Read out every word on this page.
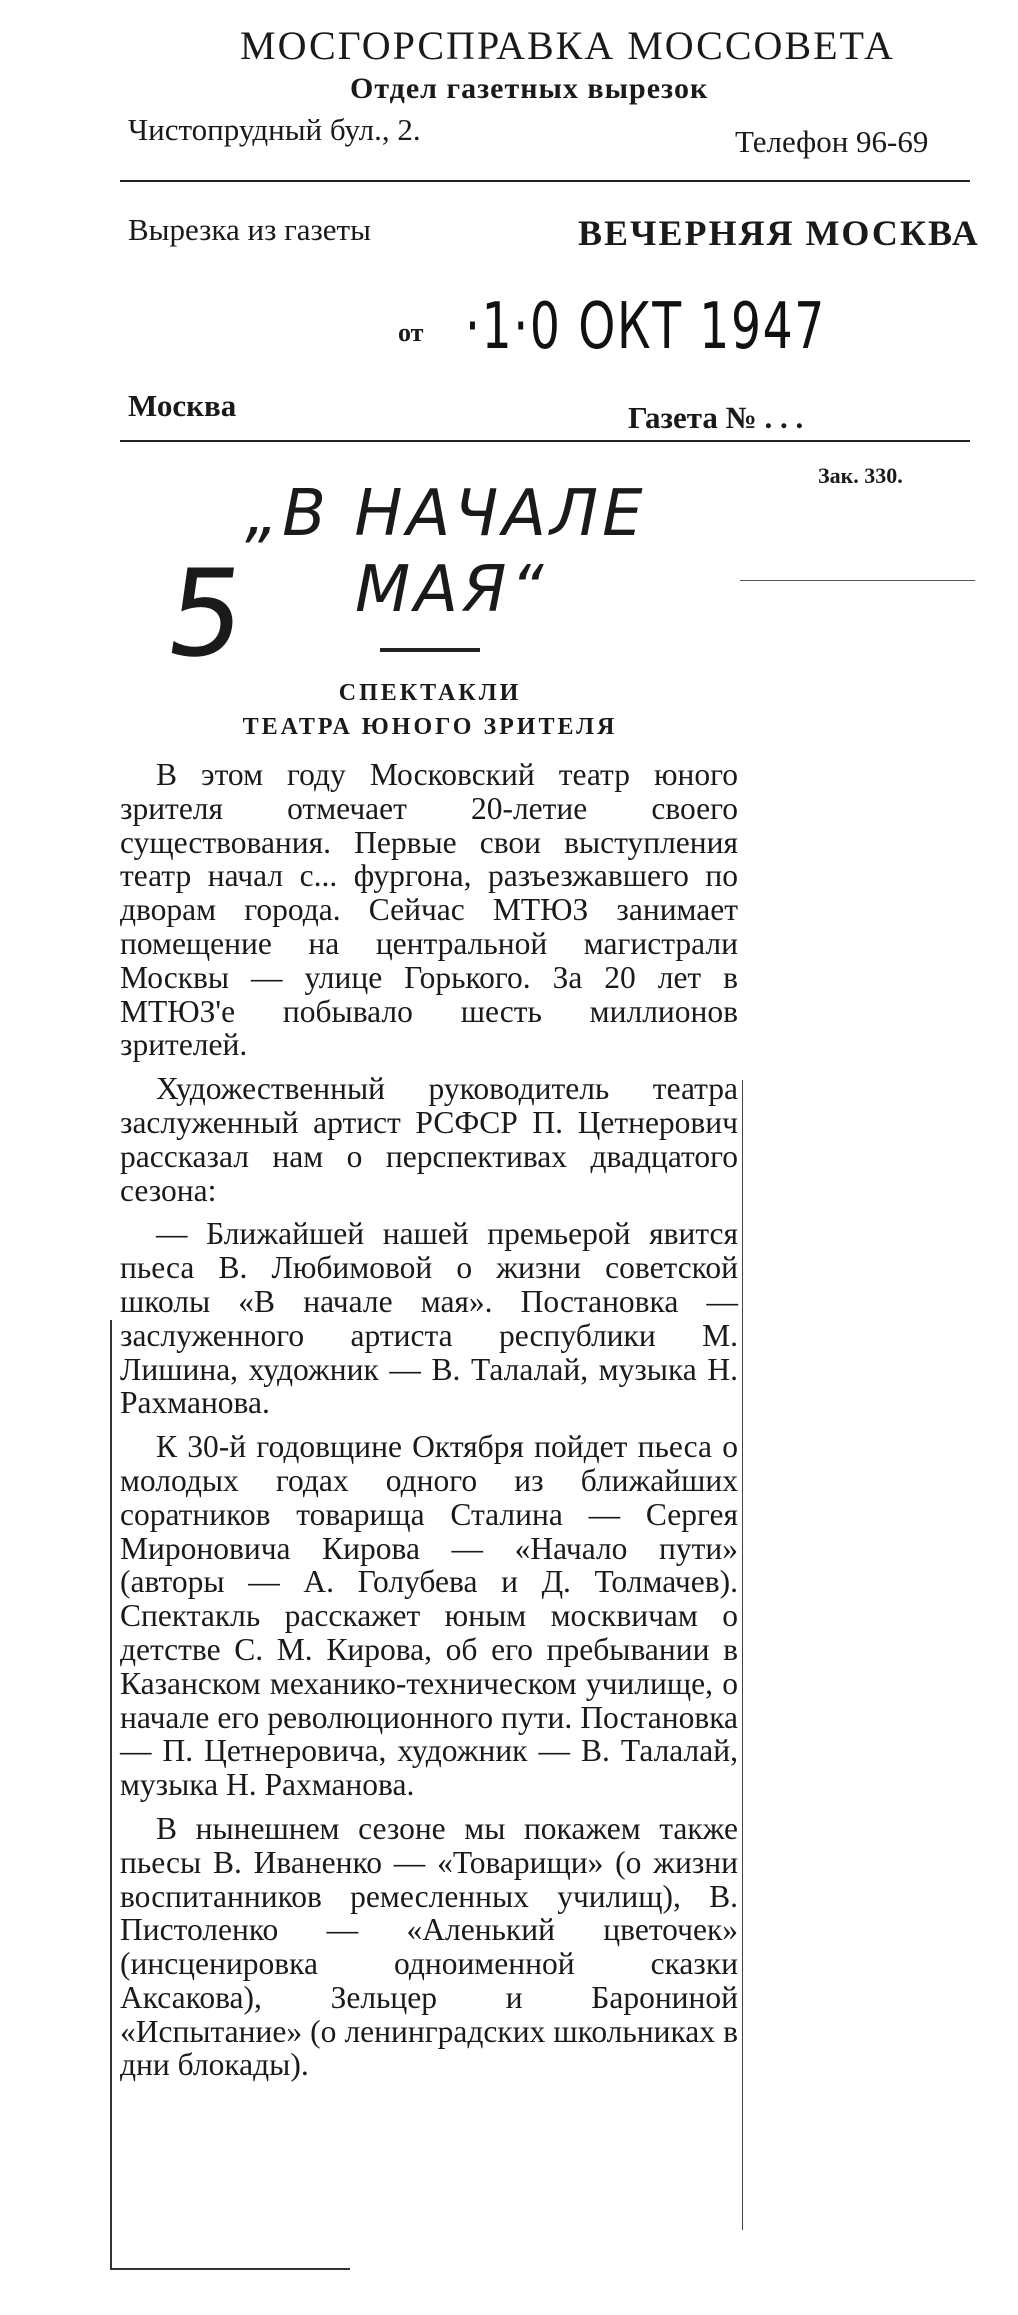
МОСГОРСПРАВКА МОССОВЕТА
Отдел газетных вырезок
Чистопрудный бул., 2.	Телефон 96-69
Вырезка из газеты	ВЕЧЕРНЯЯ МОСКВА
от ·1·0 ОКТ 1947
Москва	Газета № . . .
Зак. 330.
5
„В НАЧАЛЕ
МАЯ“
СПЕКТАКЛИ
ТЕАТРА ЮНОГО ЗРИТЕЛЯ

В этом году Московский театр юного зрителя отмечает 20-летие своего существования. Первые свои выступления театр начал с... фургона, разъезжавшего по дворам города. Сейчас МТЮЗ занимает помещение на центральной магистрали Москвы — улице Горького. За 20 лет в МТЮЗ'е побывало шесть миллионов зрителей.

Художественный руководитель театра заслуженный артист РСФСР П. Цетнерович рассказал нам о перспективах двадцатого сезона:

— Ближайшей нашей премьерой явится пьеса В. Любимовой о жизни советской школы «В начале мая». Постановка — заслуженного артиста республики М. Лишина, художник — В. Талалай, музыка Н. Рахманова.

К 30-й годовщине Октября пойдет пьеса о молодых годах одного из ближайших соратников товарища Сталина — Сергея Мироновича Кирова — «Начало пути» (авторы — А. Голубева и Д. Толмачев). Спектакль расскажет юным москвичам о детстве С. М. Кирова, об его пребывании в Казанском механико-техническом училище, о начале его революционного пути. Постановка — П. Цетнеровича, художник — В. Талалай, музыка Н. Рахманова.

В нынешнем сезоне мы покажем также пьесы В. Иваненко — «Товарищи» (о жизни воспитанников ремесленных училищ), В. Пистоленко — «Аленький цветочек» (инсценировка одноименной сказки Аксакова), Зельцер и Барониной «Испытание» (о ленинградских школьниках в дни блокады).
